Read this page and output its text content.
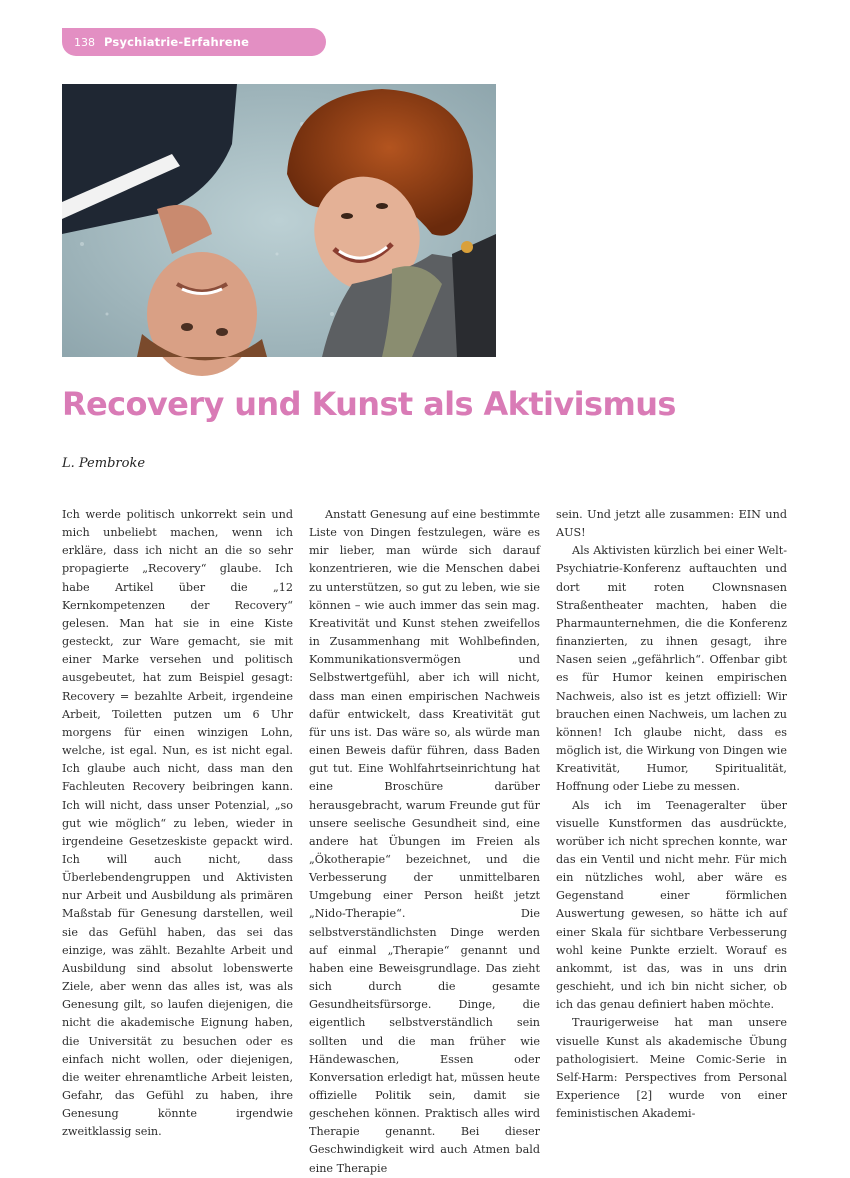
138 Psychiatrie-Erfahrene
Recovery und Kunst als Aktivismus
L. Pembroke

Ich werde politisch unkorrekt sein und mich unbeliebt machen, wenn ich erkläre, dass ich nicht an die so sehr propagierte „Recovery“ glaube. Ich habe Artikel über die „12 Kernkompetenzen der Recovery“ gelesen. Man hat sie in eine Kiste gesteckt, zur Ware gemacht, sie mit einer Marke versehen und politisch ausgebeutet, hat zum Beispiel gesagt: Recovery = bezahlte Arbeit, irgendeine Arbeit, Toiletten putzen um 6 Uhr morgens für einen winzigen Lohn, welche, ist egal. Nun, es ist nicht egal. Ich glaube auch nicht, dass man den Fachleuten Recovery beibringen kann. Ich will nicht, dass unser Potenzial, „so gut wie möglich“ zu leben, wieder in irgendeine Gesetzeskiste gepackt wird. Ich will auch nicht, dass Überlebendengruppen und Aktivisten nur Arbeit und Ausbildung als primären Maßstab für Genesung darstellen, weil sie das Gefühl haben, das sei das einzige, was zählt. Bezahlte Arbeit und Ausbildung sind absolut lobenswerte Ziele, aber wenn das alles ist, was als Genesung gilt, so laufen diejenigen, die nicht die akademische Eignung haben, die Universität zu besuchen oder es einfach nicht wollen, oder diejenigen, die weiter ehrenamtliche Arbeit leisten, Gefahr, das Gefühl zu haben, ihre Genesung könnte irgendwie zweitklassig sein.

Anstatt Genesung auf eine bestimmte Liste von Dingen festzulegen, wäre es mir lieber, man würde sich darauf konzentrieren, wie die Menschen dabei zu unterstützen, so gut zu leben, wie sie können – wie auch immer das sein mag. Kreativität und Kunst stehen zweifellos in Zusammenhang mit Wohlbefinden, Kommunikationsvermögen und Selbstwertgefühl, aber ich will nicht, dass man einen empirischen Nachweis dafür entwickelt, dass Kreativität gut für uns ist. Das wäre so, als würde man einen Beweis dafür führen, dass Baden gut tut. Eine Wohlfahrtseinrichtung hat eine Broschüre darüber herausgebracht, warum Freunde gut für unsere seelische Gesundheit sind, eine andere hat Übungen im Freien als „Ökotherapie“ bezeichnet, und die Verbesserung der unmittelbaren Umgebung einer Person heißt jetzt „Nido-Therapie“. Die selbstverständlichsten Dinge werden auf einmal „Therapie“ genannt und haben eine Beweisgrundlage. Das zieht sich durch die gesamte Gesundheitsfürsorge. Dinge, die eigentlich selbstverständlich sein sollten und die man früher wie Händewaschen, Essen oder Konversation erledigt hat, müssen heute offizielle Politik sein, damit sie geschehen können. Praktisch alles wird Therapie genannt. Bei dieser Geschwindigkeit wird auch Atmen bald eine Therapie

sein. Und jetzt alle zusammen: EIN und AUS!

Als Aktivisten kürzlich bei einer Welt-Psychiatrie-Konferenz auftauchten und dort mit roten Clownsnasen Straßentheater machten, haben die Pharmaunternehmen, die die Konferenz finanzierten, zu ihnen gesagt, ihre Nasen seien „gefährlich“. Offenbar gibt es für Humor keinen empirischen Nachweis, also ist es jetzt offiziell: Wir brauchen einen Nachweis, um lachen zu können! Ich glaube nicht, dass es möglich ist, die Wirkung von Dingen wie Kreativität, Humor, Spiritualität, Hoffnung oder Liebe zu messen.

Als ich im Teenageralter über visuelle Kunstformen das ausdrückte, worüber ich nicht sprechen konnte, war das ein Ventil und nicht mehr. Für mich ein nützliches wohl, aber wäre es Gegenstand einer förmlichen Auswertung gewesen, so hätte ich auf einer Skala für sichtbare Verbesserung wohl keine Punkte erzielt. Worauf es ankommt, ist das, was in uns drin geschieht, und ich bin nicht sicher, ob ich das genau definiert haben möchte.

Traurigerweise hat man unsere visuelle Kunst als akademische Übung pathologisiert. Meine Comic-Serie in Self-Harm: Perspectives from Personal Experience [2] wurde von einer feministischen Akademi-
